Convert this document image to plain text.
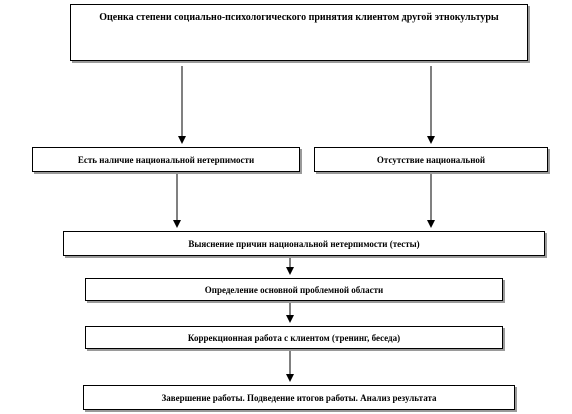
Оценка степени социально-психологического принятия клиентом другой этнокультуры
Есть наличие национальной нетерпимости	Отсутствие национальной
Выяснение причин национальной нетерпимости (тесты)
Определение основной проблемной области
Коррекционная работа с клиентом (тренинг, беседа)
Завершение работы. Подведение итогов работы. Анализ результата
